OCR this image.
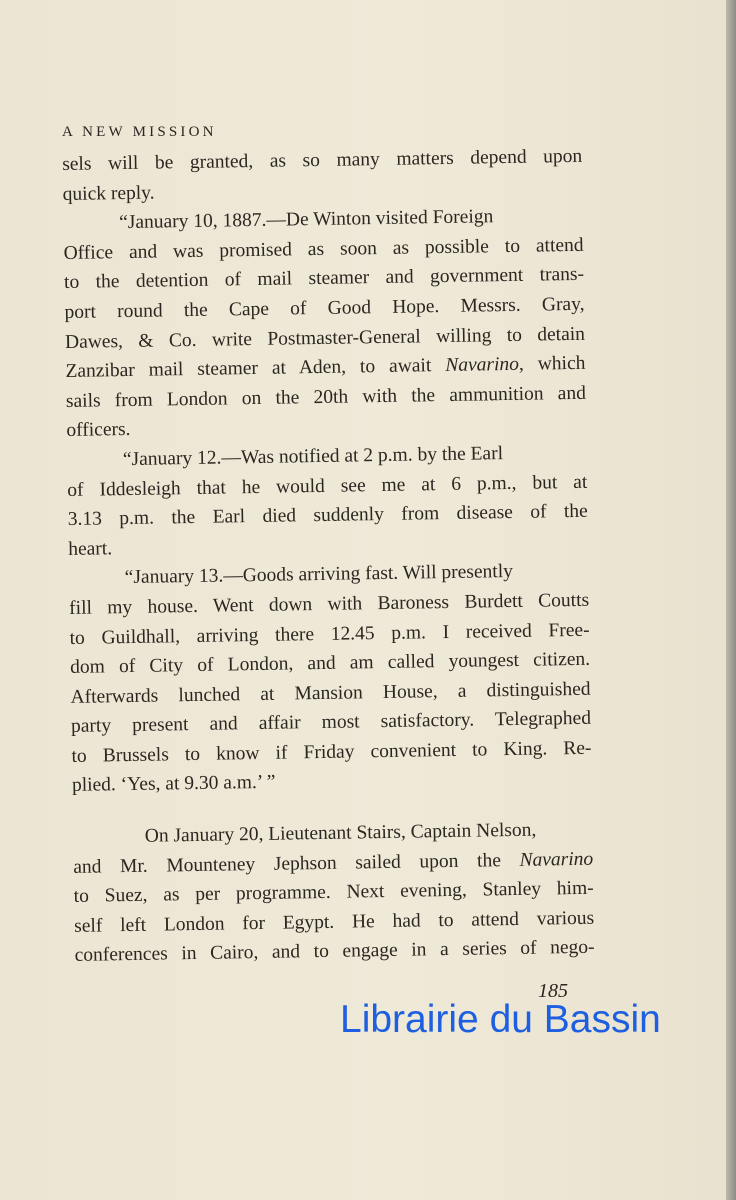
A NEW MISSION
sels will be granted, as so many matters depend upon
quick reply.
“January 10, 1887.—De Winton visited Foreign
Office and was promised as soon as possible to attend
to the detention of mail steamer and government trans-
port round the Cape of Good Hope. Messrs. Gray,
Dawes, & Co. write Postmaster-General willing to detain
Zanzibar mail steamer at Aden, to await Navarino, which
sails from London on the 20th with the ammunition and
officers.
“January 12.—Was notified at 2 p.m. by the Earl
of Iddesleigh that he would see me at 6 p.m., but at
3.13 p.m. the Earl died suddenly from disease of the
heart.
“January 13.—Goods arriving fast. Will presently
fill my house. Went down with Baroness Burdett Coutts
to Guildhall, arriving there 12.45 p.m. I received Free-
dom of City of London, and am called youngest citizen.
Afterwards lunched at Mansion House, a distinguished
party present and affair most satisfactory. Telegraphed
to Brussels to know if Friday convenient to King. Re-
plied. ‘Yes, at 9.30 a.m.’ ”
On January 20, Lieutenant Stairs, Captain Nelson,
and Mr. Mounteney Jephson sailed upon the Navarino
to Suez, as per programme. Next evening, Stanley him-
self left London for Egypt. He had to attend various
conferences in Cairo, and to engage in a series of nego-
185
Librairie du Bassin
